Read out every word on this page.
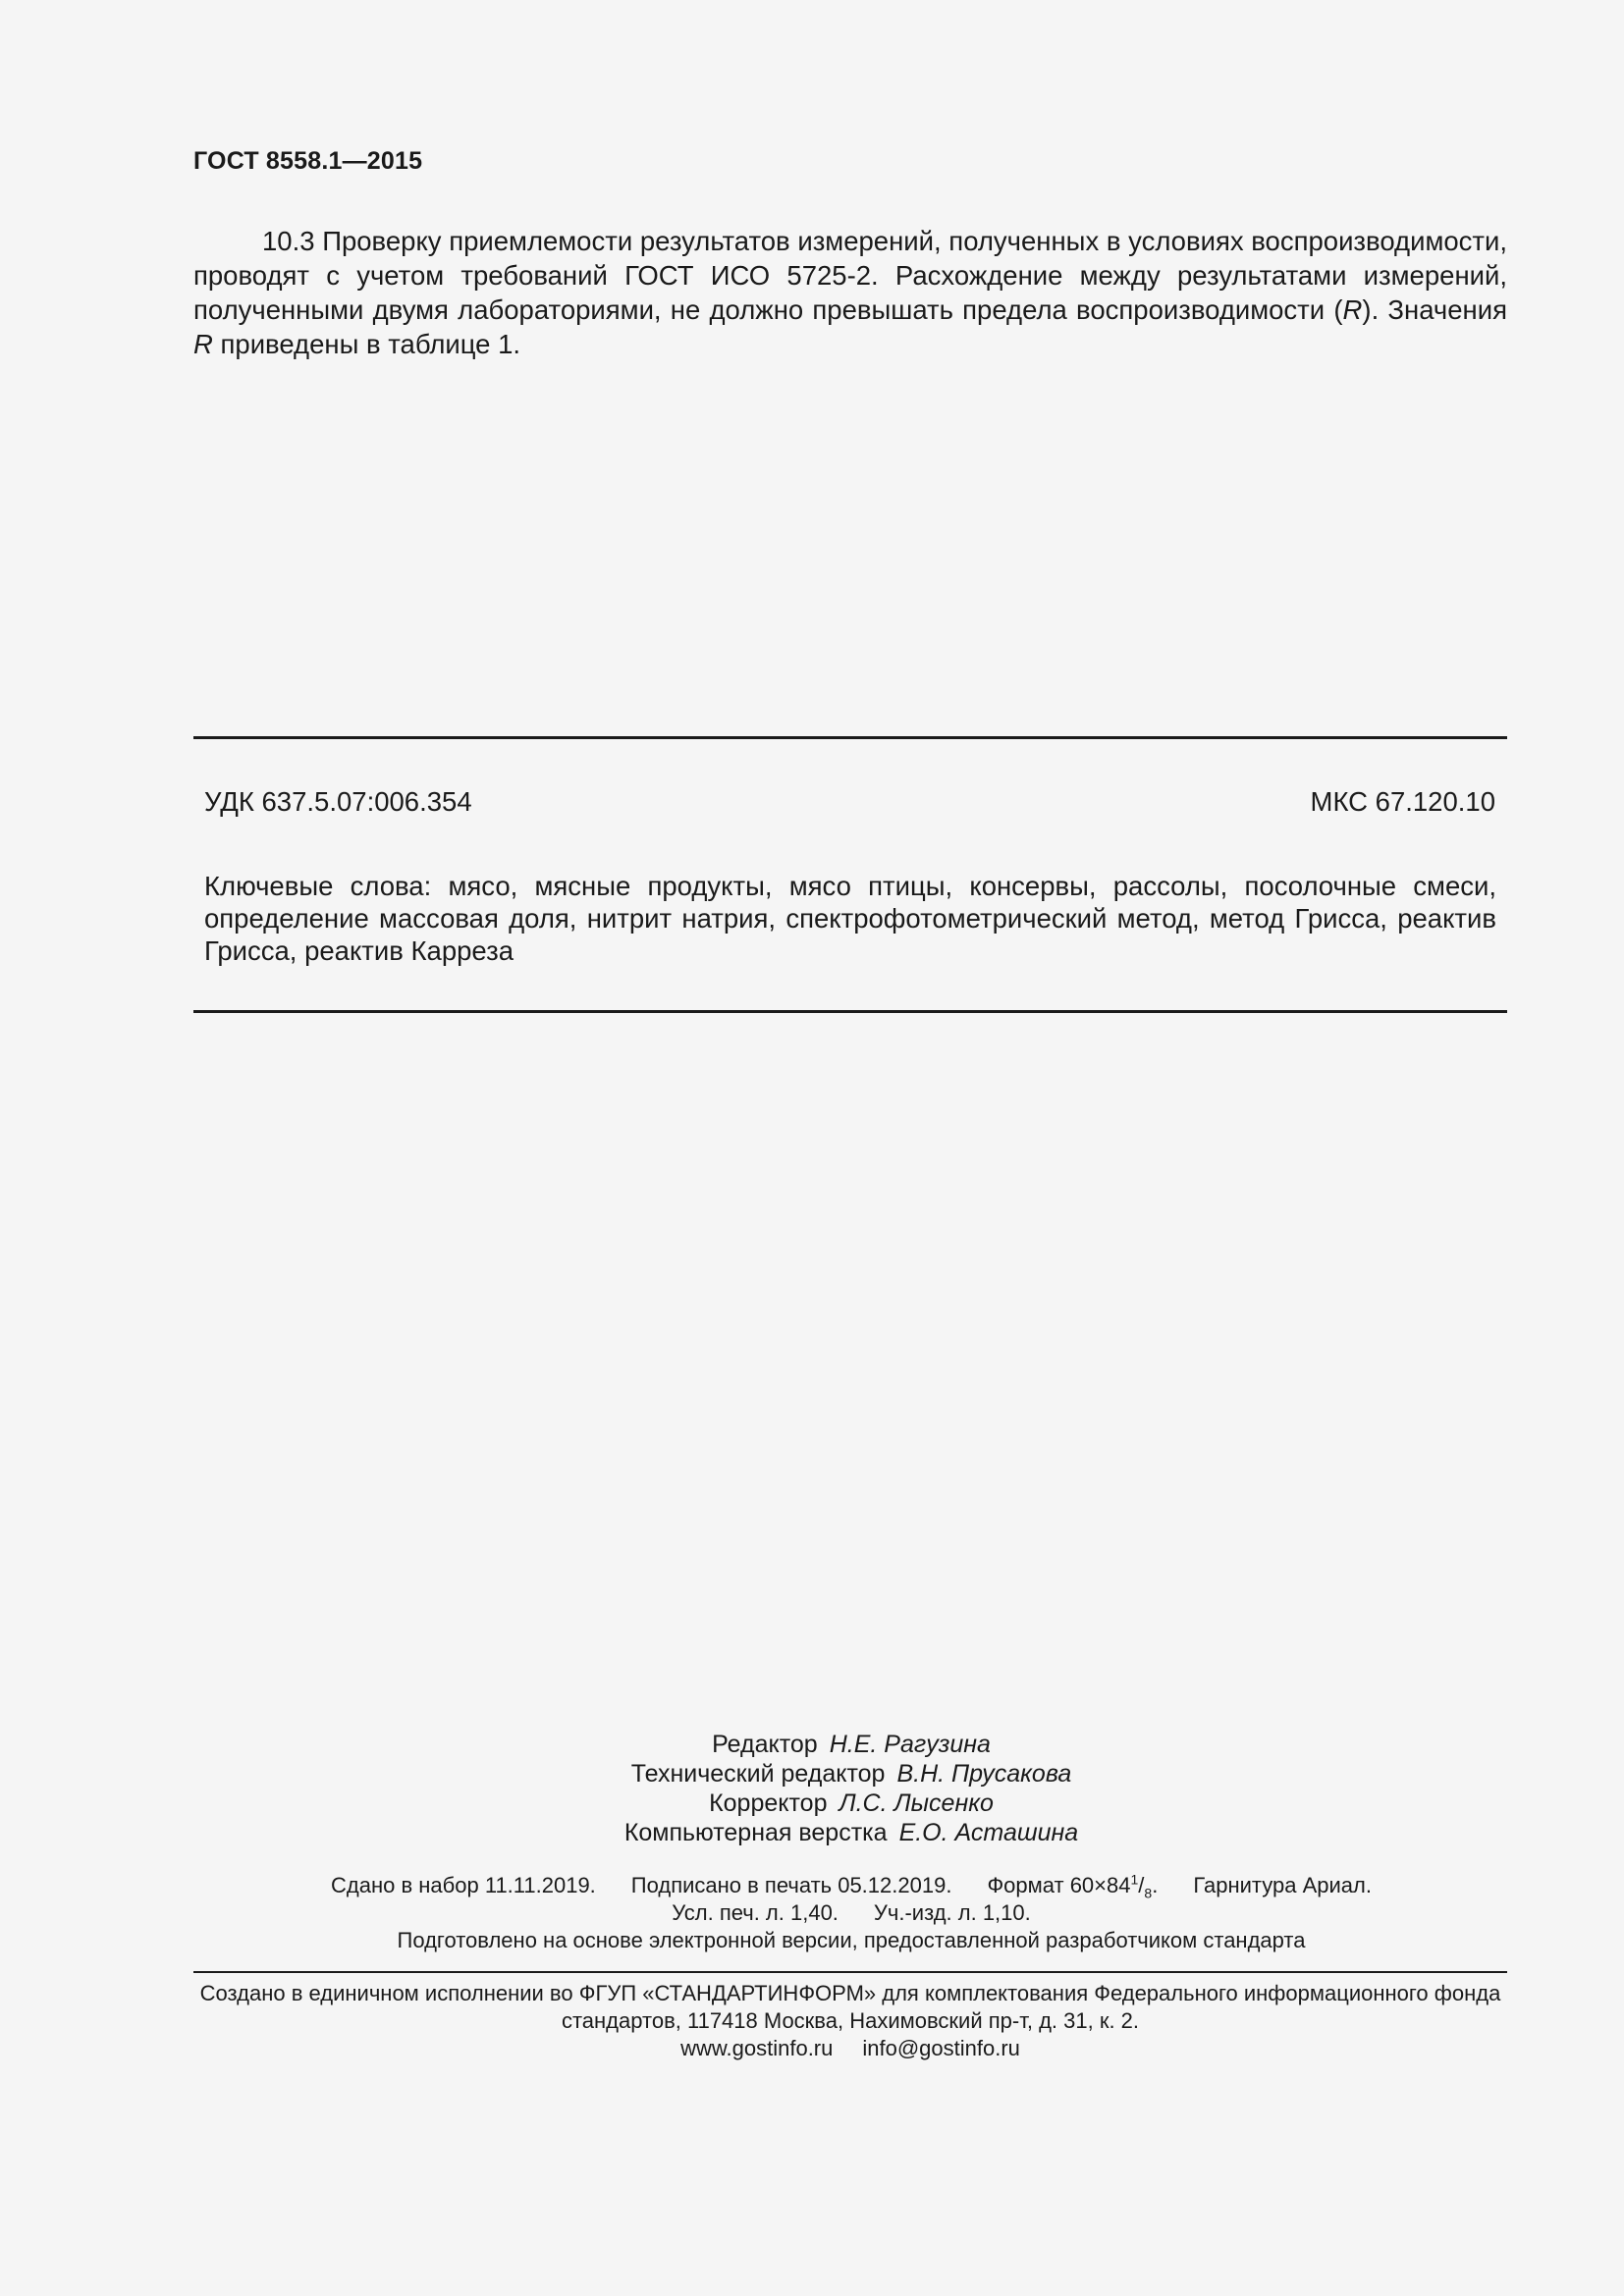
ГОСТ 8558.1—2015

10.3 Проверку приемлемости результатов измерений, полученных в условиях воспроизводимости, проводят с учетом требований ГОСТ ИСО 5725-2. Расхождение между результатами измерений, полученными двумя лабораториями, не должно превышать предела воспроизводимости (R). Значения R приведены в таблице 1.

УДК 637.5.07:006.354	МКС 67.120.10
Ключевые слова: мясо, мясные продукты, мясо птицы, консервы, рассолы, посолочные смеси, определение массовая доля, нитрит натрия, спектрофотометрический метод, метод Грисса, реактив Грисса, реактив Карреза
Редактор Н.Е. Рагузина
Технический редактор В.Н. Прусакова
Корректор Л.С. Лысенко
Компьютерная верстка Е.О. Асташина
Сдано в набор 11.11.2019. Подписано в печать 05.12.2019. Формат $60\times 84^1/_8$. Гарнитура Ариал.
Усл. печ. л. 1,40. Уч.-изд. л. 1,10.
Подготовлено на основе электронной версии, предоставленной разработчиком стандарта
Создано в единичном исполнении во ФГУП «СТАНДАРТИНФОРМ» для комплектования Федерального информационного фонда
стандартов, 117418 Москва, Нахимовский пр-т, д. 31, к. 2.
www.gostinfo.ru info@gostinfo.ru
